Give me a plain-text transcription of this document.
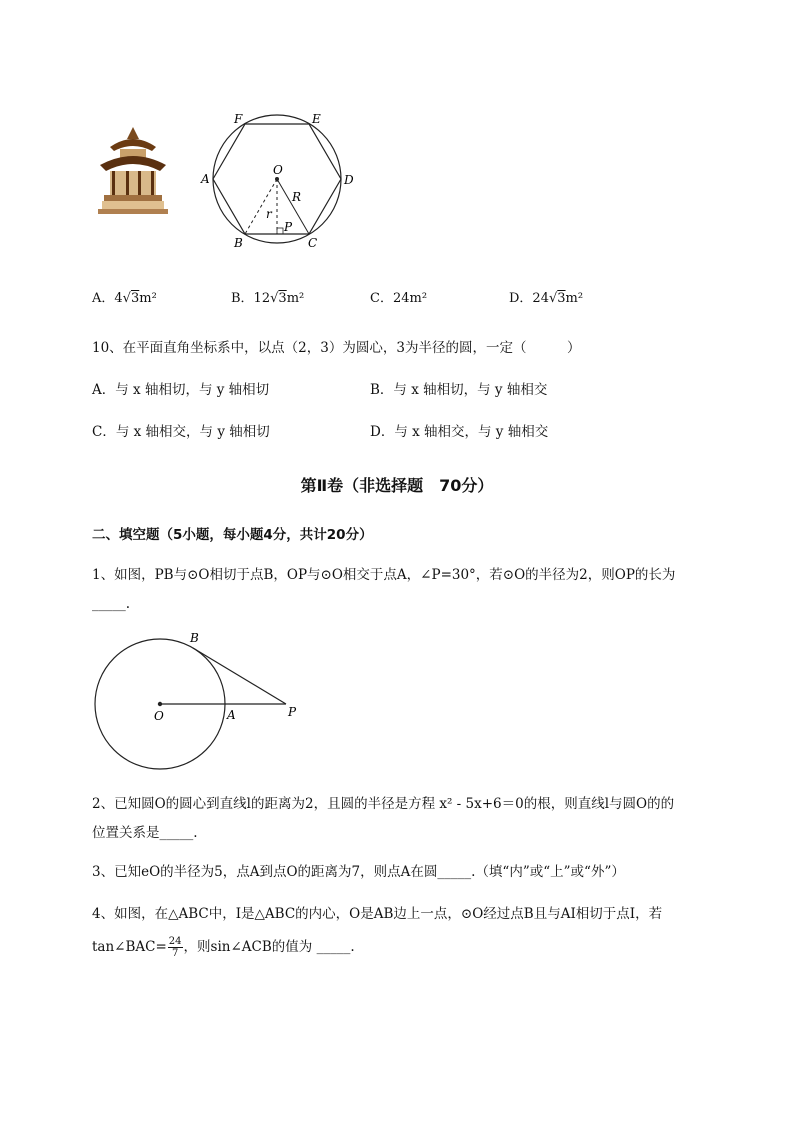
F	E
O
A	D
R
r
P
B	C
A．4√3m²	B．12√3m²	C．24m²	D．24√3m²
10、在平面直角坐标系中，以点（2，3）为圆心，3为半径的圆，一定（　　　）
A．与 x 轴相切，与 y 轴相切	B．与 x 轴相切，与 y 轴相交
C．与 x 轴相交，与 y 轴相切	D．与 x 轴相交，与 y 轴相交
第Ⅱ卷（非选择题　70分）
二、填空题（5小题，每小题4分，共计20分）
1、如图，PB与⊙O相切于点B，OP与⊙O相交于点A，∠P=30°，若⊙O的半径为2，则OP的长为
_____.
B
O	A	P
2、已知圆O的圆心到直线l的距离为2，且圆的半径是方程 x² - 5x+6＝0的根，则直线l与圆O的的
位置关系是_____.
3、已知eO的半径为5，点A到点O的距离为7，则点A在圆_____.（填“内”或“上”或“外”）
4、如图，在△ABC中，I是△ABC的内心，O是AB边上一点，⊙O经过点B且与AI相切于点I，若
tan∠BAC= $\frac{24}{7}$ ，则sin∠ACB的值为 _____.
